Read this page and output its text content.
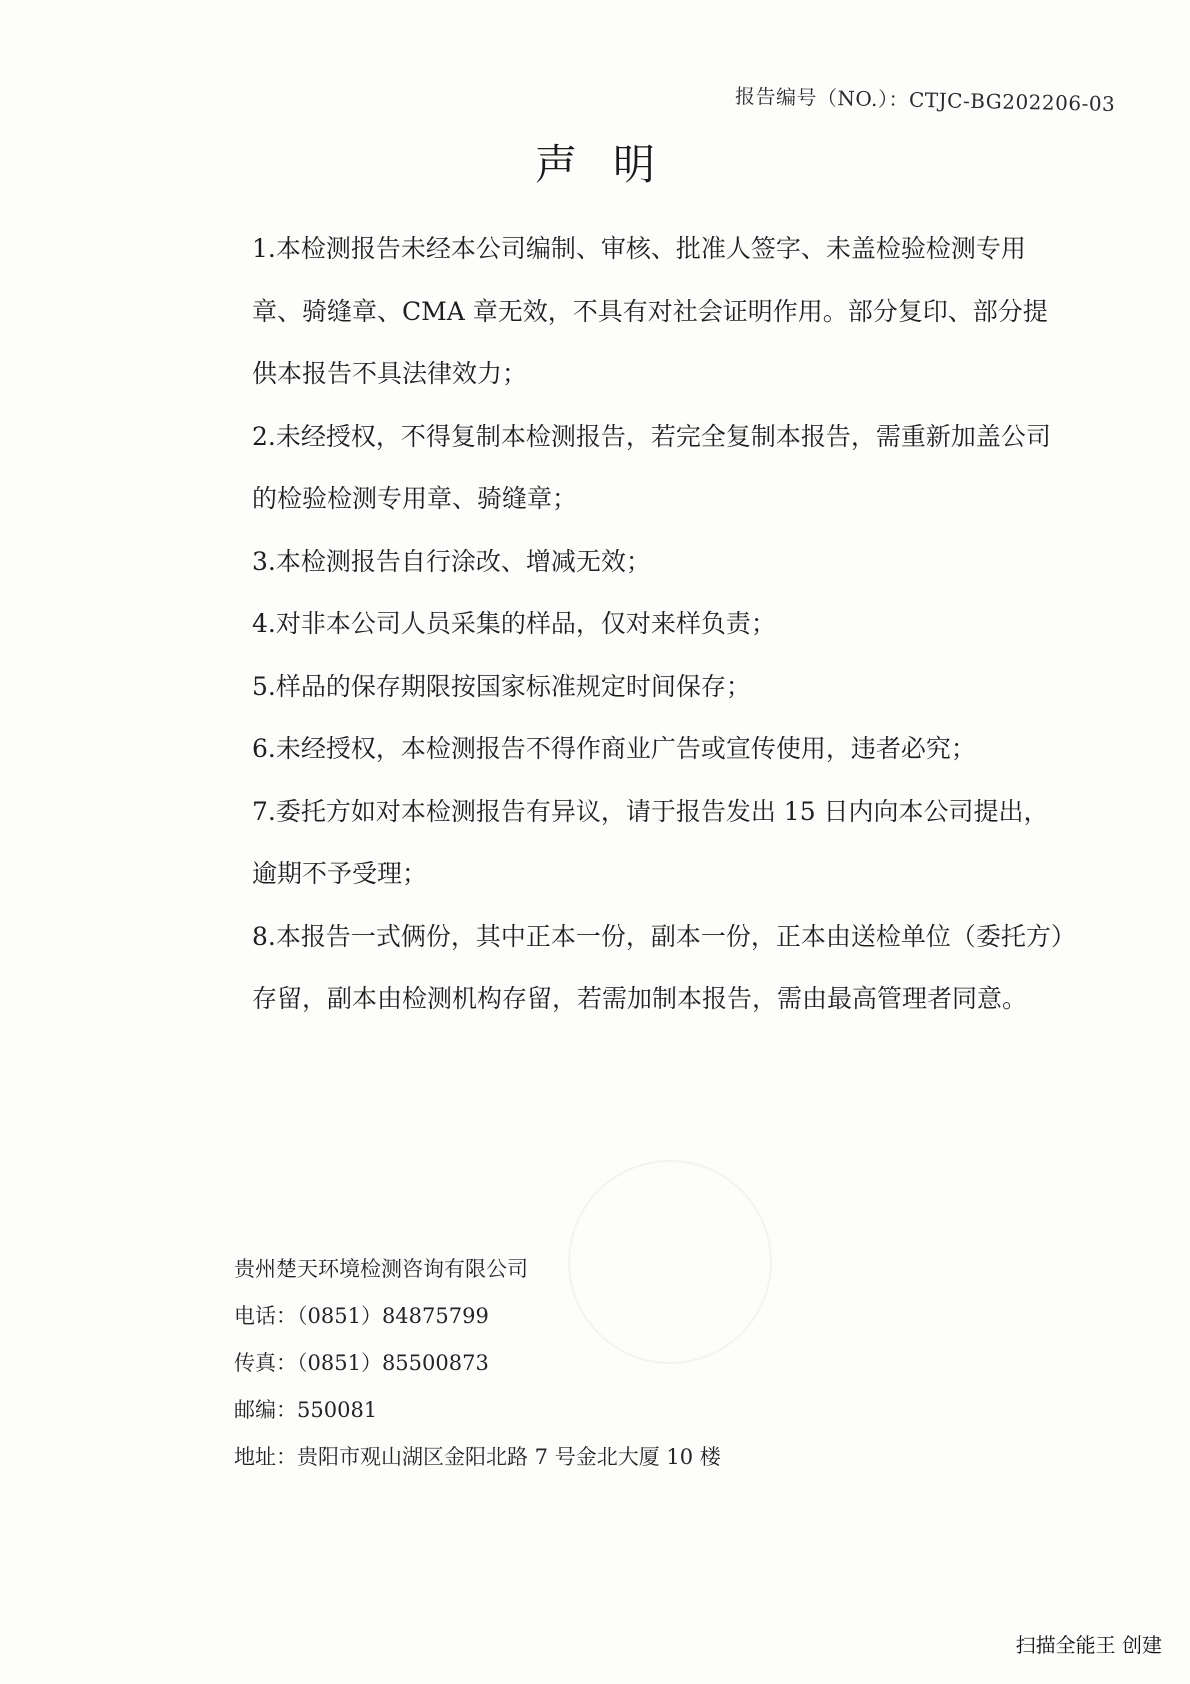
报告编号（NO.）：CTJC-BG202206-03
声明

1.本检测报告未经本公司编制、审核、批准人签字、未盖检验检测专用章、骑缝章、CMA 章无效，不具有对社会证明作用。部分复印、部分提供本报告不具法律效力；

2.未经授权，不得复制本检测报告，若完全复制本报告，需重新加盖公司的检验检测专用章、骑缝章；

3.本检测报告自行涂改、增减无效；

4.对非本公司人员采集的样品，仅对来样负责；

5.样品的保存期限按国家标准规定时间保存；

6.未经授权，本检测报告不得作商业广告或宣传使用，违者必究；

7.委托方如对本检测报告有异议，请于报告发出 15 日内向本公司提出，逾期不予受理；

8.本报告一式俩份，其中正本一份，副本一份，正本由送检单位（委托方）存留，副本由检测机构存留，若需加制本报告，需由最高管理者同意。

贵州楚天环境检测咨询有限公司
电话：（0851）84875799
传真：（0851）85500873
邮编：550081
地址：贵阳市观山湖区金阳北路 7 号金北大厦 10 楼
扫描全能王 创建
